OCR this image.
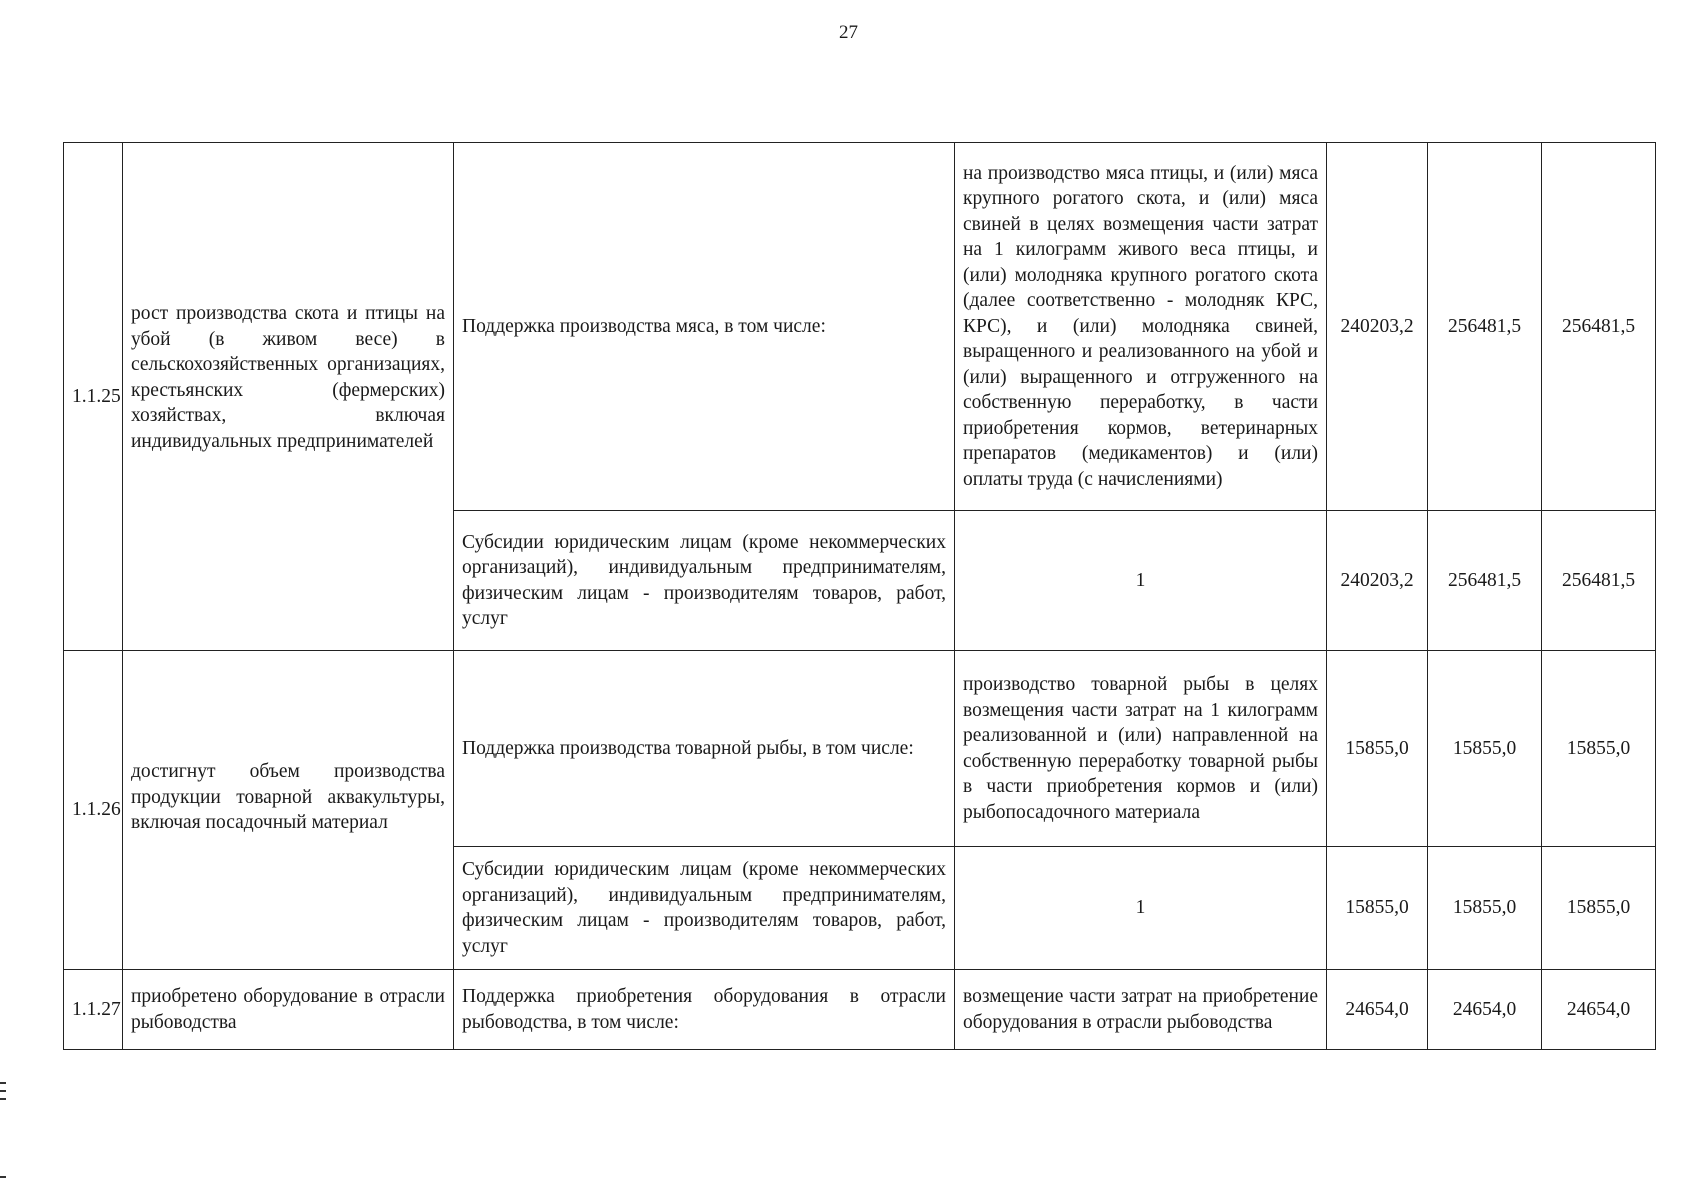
27
1.1.25	рост производства скота и птицы на убой (в живом весе) в сельскохозяйственных организациях, крестьянских (фермерских) хозяйствах, включая индивидуальных предпринимателей	Поддержка производства мяса, в том числе:	на производство мяса птицы, и (или) мяса крупного рогатого скота, и (или) мяса свиней в целях возмещения части затрат на 1 килограмм живого веса птицы, и (или) молодняка крупного рогатого скота (далее соответственно - молодняк КРС, КРС), и (или) молодняка свиней, выращенного и реализованного на убой и (или) выращенного и отгруженного на собственную переработку, в части приобретения кормов, ветеринарных препаратов (медикаментов) и (или) оплаты труда (с начислениями)	240203,2	256481,5	256481,5
		Субсидии юридическим лицам (кроме некоммерческих организаций), индивидуальным предпринимателям, физическим лицам - производителям товаров, работ, услуг	1	240203,2	256481,5	256481,5
1.1.26	достигнут объем производства продукции товарной аквакультуры, включая посадочный материал	Поддержка производства товарной рыбы, в том числе:	производство товарной рыбы в целях возмещения части затрат на 1 килограмм реализованной и (или) направленной на собственную переработку товарной рыбы в части приобретения кормов и (или) рыбопосадочного материала	15855,0	15855,0	15855,0
		Субсидии юридическим лицам (кроме некоммерческих организаций), индивидуальным предпринимателям, физическим лицам - производителям товаров, работ, услуг	1	15855,0	15855,0	15855,0
1.1.27	приобретено оборудование в отрасли рыбоводства	Поддержка приобретения оборудования в отрасли рыбоводства, в том числе:	возмещение части затрат на приобретение оборудования в отрасли рыбоводства	24654,0	24654,0	24654,0
